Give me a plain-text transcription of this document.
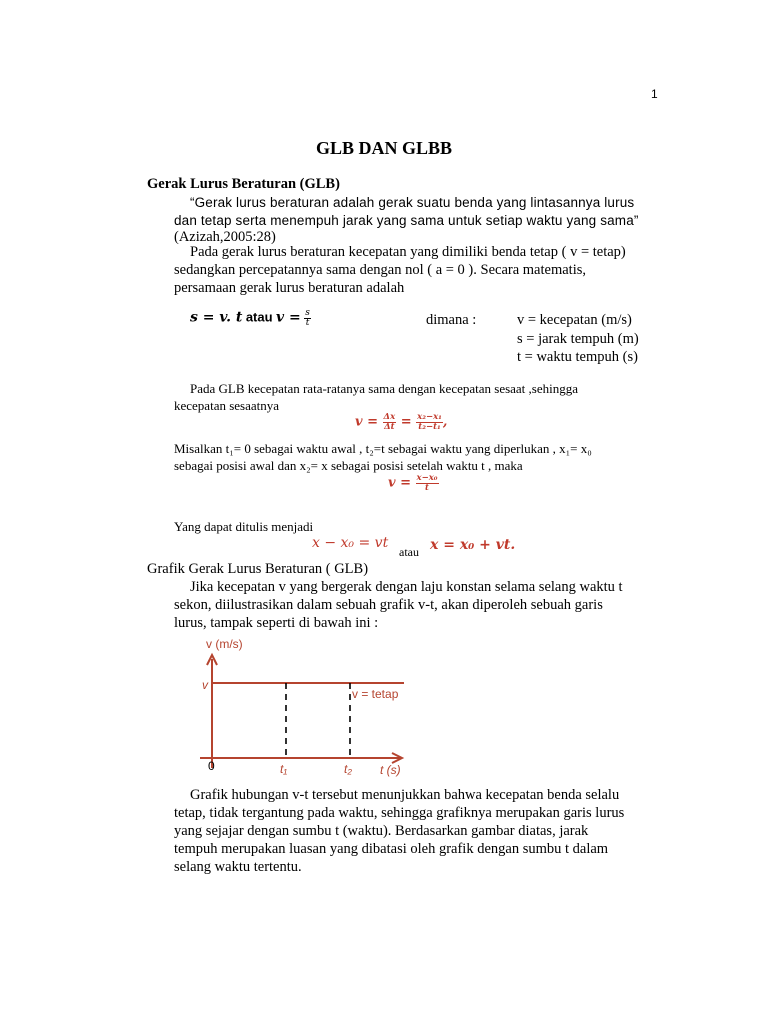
1
GLB DAN GLBB
Gerak Lurus Beraturan (GLB)
“Gerak lurus beraturan adalah gerak suatu benda yang lintasannya lurus
dan tetap serta menempuh jarak yang sama untuk setiap waktu yang sama”
(Azizah,2005:28)
Pada gerak lurus beraturan kecepatan yang dimiliki benda tetap ( v = tetap)
sedangkan percepatannya sama dengan nol ( a = 0 ). Secara matematis,
persamaan gerak lurus beraturan adalah
s = v. t atau $v = \frac{s}{t}$	dimana :	v = kecepatan (m/s)
s = jarak tempuh (m)
t = waktu tempuh (s)
Pada GLB kecepatan rata-ratanya sama dengan kecepatan sesaat ,sehingga
kecepatan sesaatnya
$v = \frac{\Delta x}{\Delta t} = \frac{\text{x₂−x₁}}{\text{t₂−t₁}}$ ,
Misalkan t₁= 0 sebagai waktu awal , t₂=t sebagai waktu yang diperlukan , x₁= x₀
sebagai posisi awal dan x₂= x sebagai posisi setelah waktu t , maka
$v = \frac{\text{x−x₀}}{t}$
Yang dapat ditulis menjadi
x − x₀ = vt
atau x = x₀ + vt.
Grafik Gerak Lurus Beraturan ( GLB)
Jika kecepatan v yang bergerak dengan laju konstan selama selang waktu t
sekon, diilustrasikan dalam sebuah grafik v-t, akan diperoleh sebuah garis
lurus, tampak seperti di bawah ini :
v (m/s)
v
v = tetap
0	t₁	t₂ t (s)
Grafik hubungan v-t tersebut menunjukkan bahwa kecepatan benda selalu
tetap, tidak tergantung pada waktu, sehingga grafiknya merupakan garis lurus
yang sejajar dengan sumbu t (waktu). Berdasarkan gambar diatas, jarak
tempuh merupakan luasan yang dibatasi oleh grafik dengan sumbu t dalam
selang waktu tertentu.
